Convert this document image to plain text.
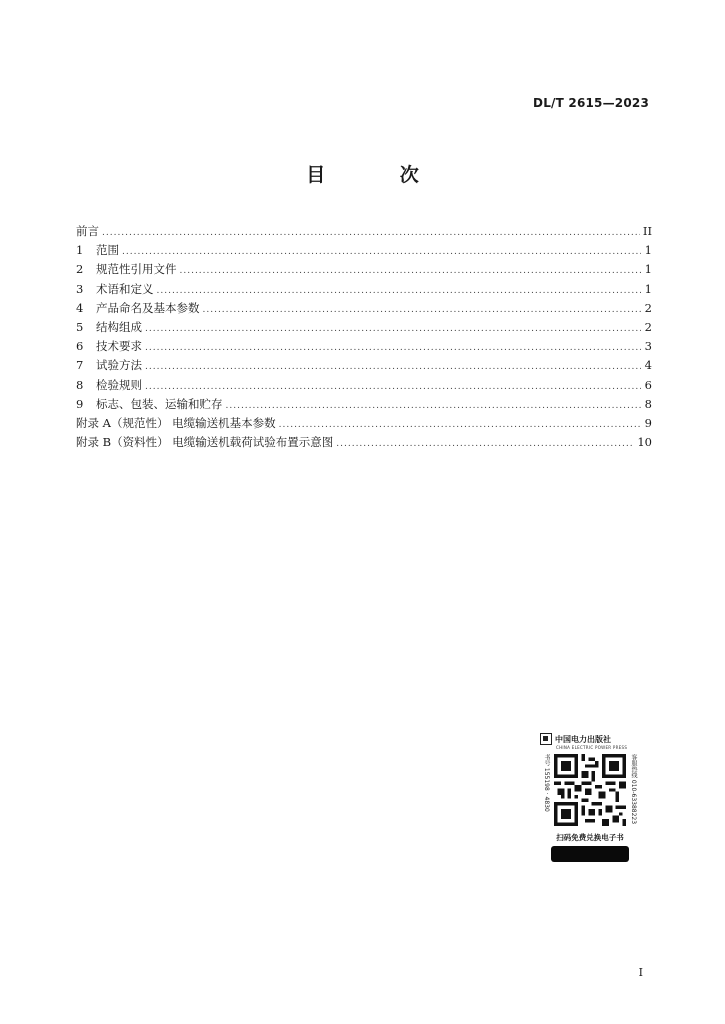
DL/T 2615—2023
目 次
前言 .....	II
1	范围 .....	1
2	规范性引用文件 .....	1
3	术语和定义 .....	1
4	产品命名及基本参数 .....	2
5	结构组成 .....	2
6	技术要求 .....	3
7	试验方法 .....	4
8	检验规则 .....	6
9	标志、包装、运输和贮存 .....	8
附录 A（规范性） 电缆输送机基本参数 .....	9
附录 B（资料性） 电缆输送机载荷试验布置示意图 .....	10
中国电力出版社
CHINA ELECTRIC POWER PRESS
书号 155198 · 4830	客服热线 010-63388223
扫码免费兑换电子书
I
